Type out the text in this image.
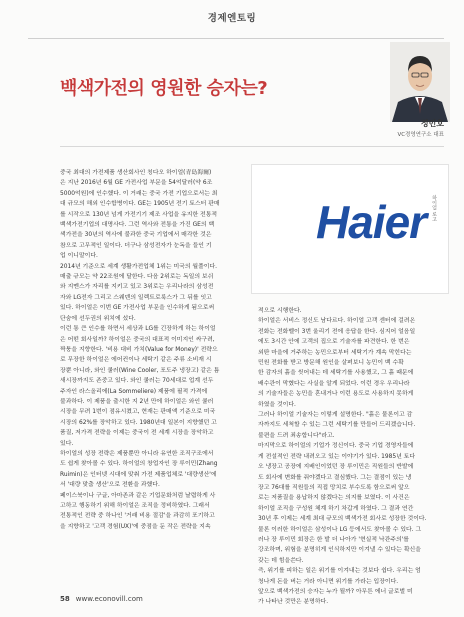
경제엔토링
백색가전의 영원한 승자는?
정민호
VC경영연구소 대표

중국 최대의 가전제품 생산회사인 칭다오 하이얼(青島海爾)

은 지난 2016년 6월 GE 가전사업 부문을 54억달러(약 6조

5000억원)에 인수했다. 이 거래는 중국 가전 기업으로서는 최

대 규모의 해외 인수합병이다. GE는 1905년 전기 토스터 판매

를 시작으로 130년 넘게 가전기기 제조 사업을 유지한 전통적

백색가전기업의 대명사다. 그런 역사와 전통을 가진 GE의 백

색가전을 30년의 역사에 불과한 중국 기업에서 매각한 것은

참으로 고무적인 일이다. 더구나 삼성전자가 눈독을 들인 기

업 이니말이다.

2014년 기준으로 세계 생활가전업체 1위는 미국의 월풀이다.

매출 규모는 약 22조원에 달한다. 다음 2위로는 독일의 보쉬

와 지멘스가 자리를 지키고 있고 3위로는 우리나라의 삼성전

자와 LG전자 그리고 스웨덴의 일렉트로룩스가 그 뒤를 잇고

있다. 하이얼은 이번 GE 가전사업 부문을 인수하게 됨으로써

단숨에 선두권의 위치에 섰다.

이런 통 큰 인수를 하면서 세상과 LG를 긴장하게 하는 하이얼

은 어떤 회사일까? 하이얼은 중국의 대표적 이미지인 싸구려,

짝퉁을 지향한다. '비용 대비 가치(Value for Money)' 전략으

로 무장한 하이얼은 에어컨이나 세탁기 같은 주류 소비재 시

장뿐 아니라, 와인 쿨러(Wine Cooler, 포도주 냉장고) 같은 틈

새시장까지도 존중고 있다. 와인 쿨러는 70세대로 업계 선두

주자인 라스올리에(La Sommeliere) 제품에 필적 가격에

불과하다. 이 제품을 출시한 지 2년 만에 하이얼은 와인 쿨러

시장을 무려 1번이 점유시켰고, 현재는 판매액 기준으로 미국

시장의 62%를 장악하고 있다. 1980년대 일본이 지향했던 고

품질, 저가격 전략을 이제는 중국이 전 세계 시장을 장악하고

있다.

하이얼의 성장 전략은 제품뿐만 아니라 유연한 조직구조에서

도 쉽게 찾아볼 수 있다. 하이얼의 창업자인 장 루이민(Zhang

Ruimin)은 인터넷 시대에 맞춰 가전 제품업체로 '대량생산'에

서 '대량 맞춤 생산'으로 전환을 과했다.

페이스북이나 구글, 아마존과 같은 기업문화처럼 날렵하게 사

고하고 행동하기 위해 하이얼은 조직을 정비하였다. 그래서

전통적인 전략 중 하나인 '거래 비용 절감'을 과감히 포기하고

을 지향하고 '고객 경험(UX)'에 중점을 둔 작은 전략을 지속

Haier 하이얼 로고

적으로 시행한다.

하이얼은 서비스 정신도 남다르다. 하이얼 고객 센터에 걸려온

전화는 전화벨이 3번 울리기 전에 응답을 한다. 심지어 얼음일

에도 3시간 안에 고객의 집으로 기술자를 파견한다. 한 번은

외딴 마을에 거주하는 농민으로부터 세탁기가 계속 막힌다는

민원 전화를 받고 방문해 원인을 살펴보니 농민이 백 수확

한 감자의 흙을 씻어내는 데 세탁기를 사용했고, 그 흙 때문에

배수관이 막혔다는 사실을 알게 되었다. 이런 경우 우리나라

의 기술자들은 농민을 혼내거나 이런 용도로 사용하지 못하게

하였을 것이다.

그러나 하이얼 기술자는 이렇게 설명한다. "흙은 물론이고 감

자까지도 세척할 수 있는 그런 세탁기를 만들어 드리겠습니다.

불편을 드려 죄송합니다"라고.

마지막으로 하이얼의 기업가 정신이다. 중국 기업 경영자들에

게 전설적인 전략 내려오고 있는 이야기가 있다. 1985년 토다

오 냉장고 공장에 지배인이었던 장 루이민은 직원들의 반발에

도 회사에 변화를 줘야겠다고 결심했다. 그는 결점이 있는 냉

장고 76대를 직원들의 직접 망치로 부수도록 함으로써 앞으

로는 저품질을 용납하지 않겠다는 의지를 보였다. 이 사건은

하이얼 조직을 구성원 체계 하기 차갑게 하였다. 그 결과 연간

30년 후 이제는 세계 최대 규모의 백색가전 회사로 성장한 것이다.

물론 이러한 하이얼은 삼성이나 LG 등에서도 찾아볼 수 있다. 그

러나 장 루이민 회장은 한 발 더 나아가 '현실적 낙관주의'를

강조하며, 위험을 분명히게 인식하지만 이겨낼 수 있다는 확신을

갖는 데 힘을쓴다.

즉, 위기를 피하는 일은 위기를 이겨내는 것보다 쉽다. 우리는 엄

청나게 돈을 버는 거라 아니면 위기를 가라는 입장이다.

앞으로 백색가전의 승자는 누가 될까? 아무튼 에너 글로벌 미

가 나타난 것만은 분명하다.

58 www.econovill.com
